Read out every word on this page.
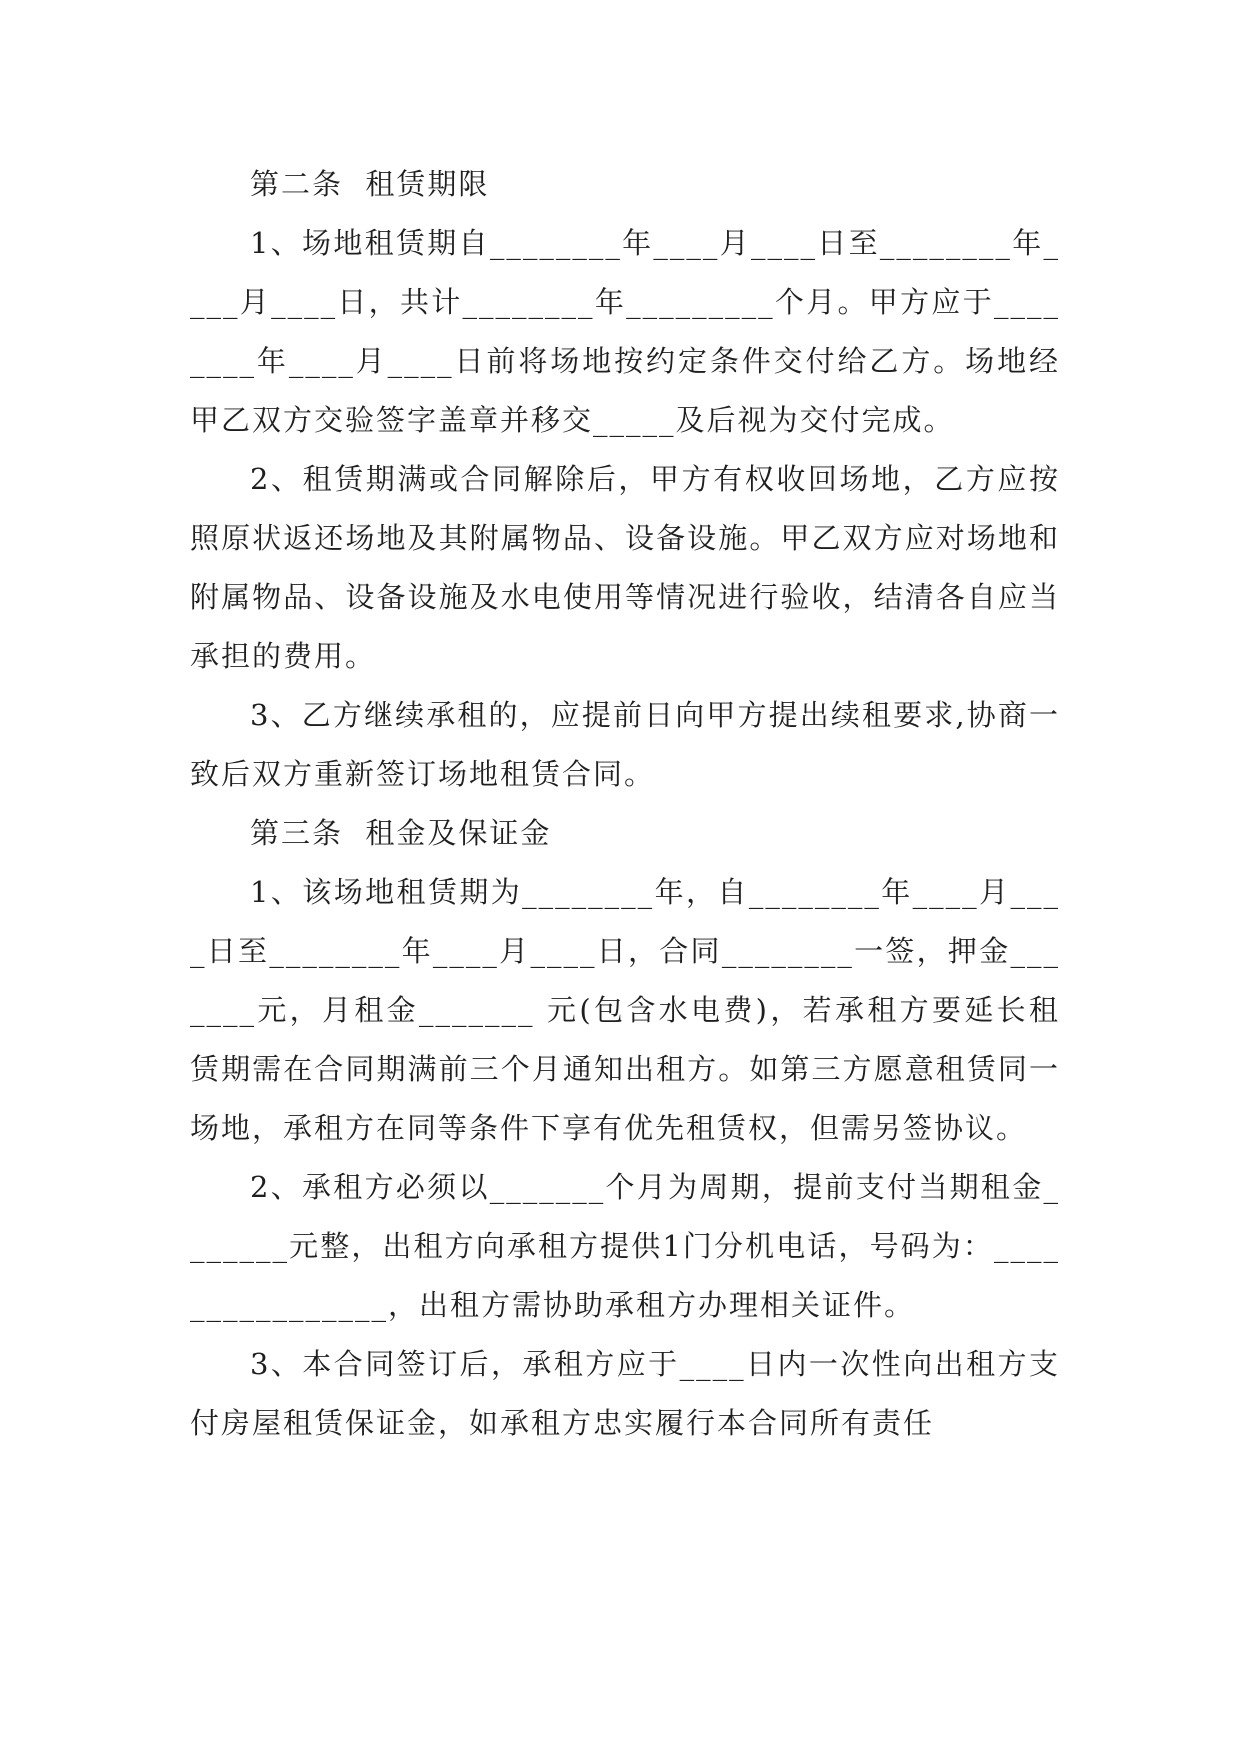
第二条  租赁期限

1、场地租赁期自________年____月____日至________年____月____日，共计________年_________个月。甲方应于________年____月____日前将场地按约定条件交付给乙方。场地经甲乙双方交验签字盖章并移交_____及后视为交付完成。

2、租赁期满或合同解除后，甲方有权收回场地，乙方应按照原状返还场地及其附属物品、设备设施。甲乙双方应对场地和附属物品、设备设施及水电使用等情况进行验收，结清各自应当承担的费用。

3、乙方继续承租的，应提前日向甲方提出续租要求,协商一致后双方重新签订场地租赁合同。

第三条  租金及保证金

1、该场地租赁期为________年，自________年____月____日至________年____月____日，合同________一签，押金_______元，月租金_______ 元(包含水电费)，若承租方要延长租赁期需在合同期满前三个月通知出租方。如第三方愿意租赁同一场地，承租方在同等条件下享有优先租赁权，但需另签协议。

2、承租方必须以_______个月为周期，提前支付当期租金_______元整，出租方向承租方提供1门分机电话，号码为：________________，出租方需协助承租方办理相关证件。

3、本合同签订后，承租方应于____日内一次性向出租方支付房屋租赁保证金，如承租方忠实履行本合同所有责任
